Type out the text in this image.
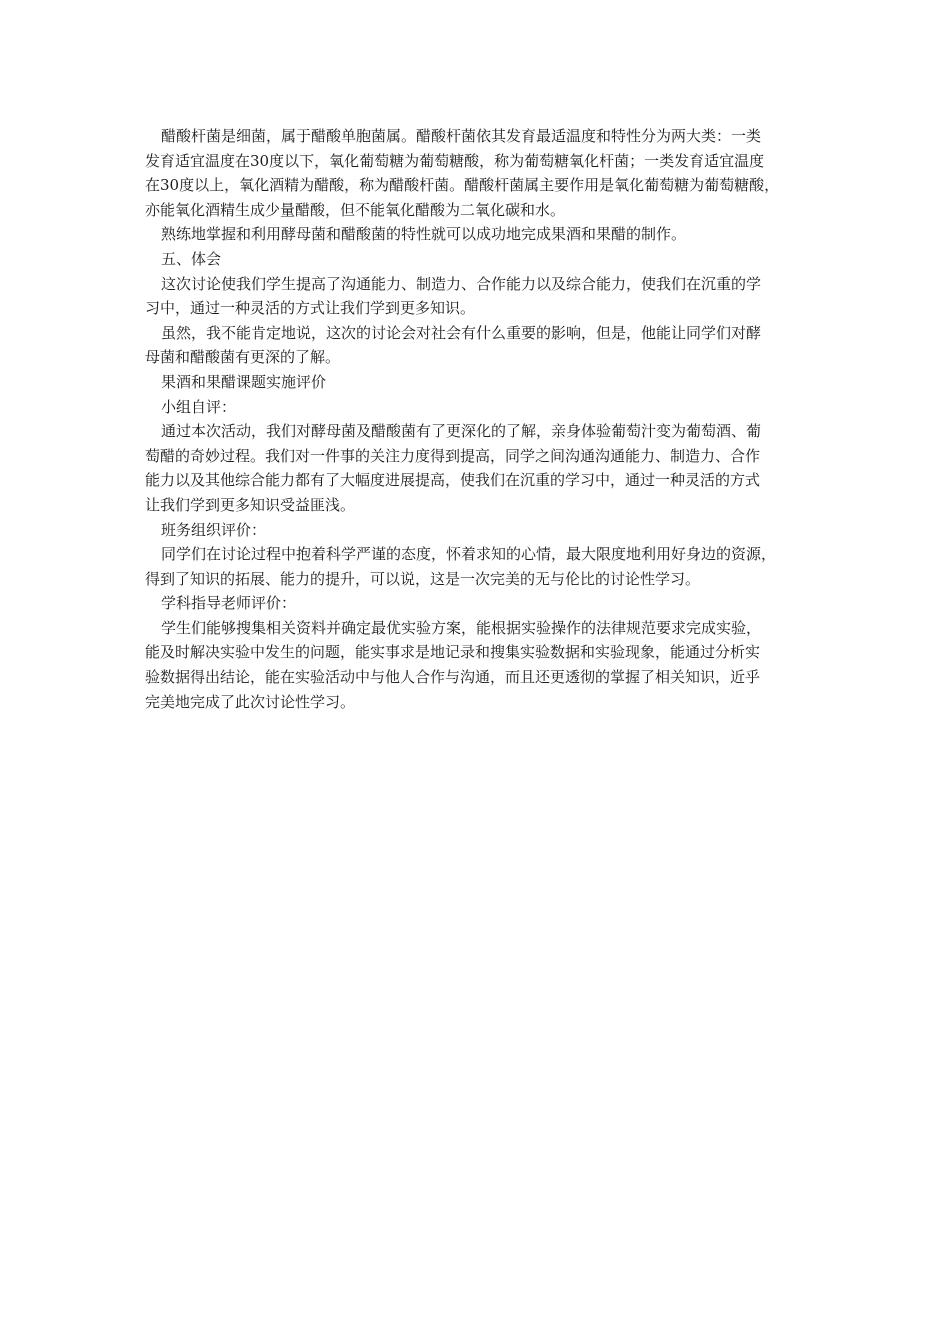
醋酸杆菌是细菌，属于醋酸单胞菌属。醋酸杆菌依其发育最适温度和特性分为两大类：一类
发育适宜温度在30度以下，氧化葡萄糖为葡萄糖酸，称为葡萄糖氧化杆菌；一类发育适宜温度
在30度以上，氧化酒精为醋酸，称为醋酸杆菌。醋酸杆菌属主要作用是氧化葡萄糖为葡萄糖酸，
亦能氧化酒精生成少量醋酸，但不能氧化醋酸为二氧化碳和水。
熟练地掌握和利用酵母菌和醋酸菌的特性就可以成功地完成果酒和果醋的制作。
五、体会
这次讨论使我们学生提高了沟通能力、制造力、合作能力以及综合能力，使我们在沉重的学
习中，通过一种灵活的方式让我们学到更多知识。
虽然，我不能肯定地说，这次的讨论会对社会有什么重要的影响，但是，他能让同学们对酵
母菌和醋酸菌有更深的了解。
果酒和果醋课题实施评价
小组自评：
通过本次活动，我们对酵母菌及醋酸菌有了更深化的了解，亲身体验葡萄汁变为葡萄酒、葡
萄醋的奇妙过程。我们对一件事的关注力度得到提高，同学之间沟通沟通能力、制造力、合作
能力以及其他综合能力都有了大幅度进展提高，使我们在沉重的学习中，通过一种灵活的方式
让我们学到更多知识受益匪浅。
班务组织评价：
同学们在讨论过程中抱着科学严谨的态度，怀着求知的心情，最大限度地利用好身边的资源，
得到了知识的拓展、能力的提升，可以说，这是一次完美的无与伦比的讨论性学习。
学科指导老师评价：
学生们能够搜集相关资料并确定最优实验方案，能根据实验操作的法律规范要求完成实验，
能及时解决实验中发生的问题，能实事求是地记录和搜集实验数据和实验现象，能通过分析实
验数据得出结论，能在实验活动中与他人合作与沟通，而且还更透彻的掌握了相关知识，近乎
完美地完成了此次讨论性学习。
